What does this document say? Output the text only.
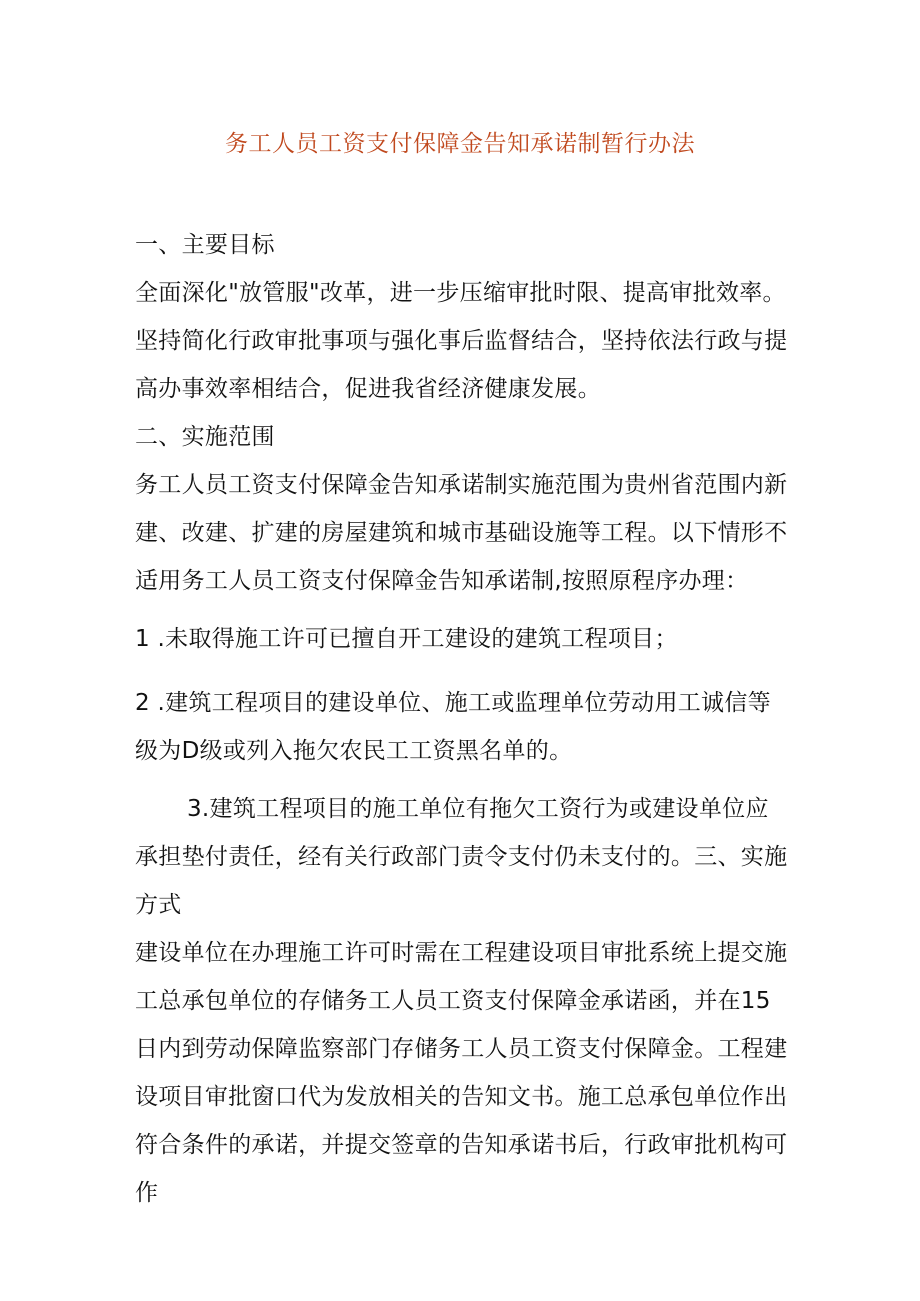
务工人员工资支付保障金告知承诺制暂行办法

一、主要目标

全面深化"放管服"改革，进一步压缩审批时限、提高审批效率。坚持简化行政审批事项与强化事后监督结合，坚持依法行政与提高办事效率相结合，促进我省经济健康发展。

二、实施范围

务工人员工资支付保障金告知承诺制实施范围为贵州省范围内新建、改建、扩建的房屋建筑和城市基础设施等工程。以下情形不适用务工人员工资支付保障金告知承诺制,按照原程序办理：

1 .未取得施工许可已擅自开工建设的建筑工程项目；

2 .建筑工程项目的建设单位、施工或监理单位劳动用工诚信等级为D级或列入拖欠农民工工资黑名单的。

3.建筑工程项目的施工单位有拖欠工资行为或建设单位应承担垫付责任，经有关行政部门责令支付仍未支付的。三、实施方式

建设单位在办理施工许可时需在工程建设项目审批系统上提交施工总承包单位的存储务工人员工资支付保障金承诺函，并在15日内到劳动保障监察部门存储务工人员工资支付保障金。工程建设项目审批窗口代为发放相关的告知文书。施工总承包单位作出符合条件的承诺，并提交签章的告知承诺书后，行政审批机构可作
